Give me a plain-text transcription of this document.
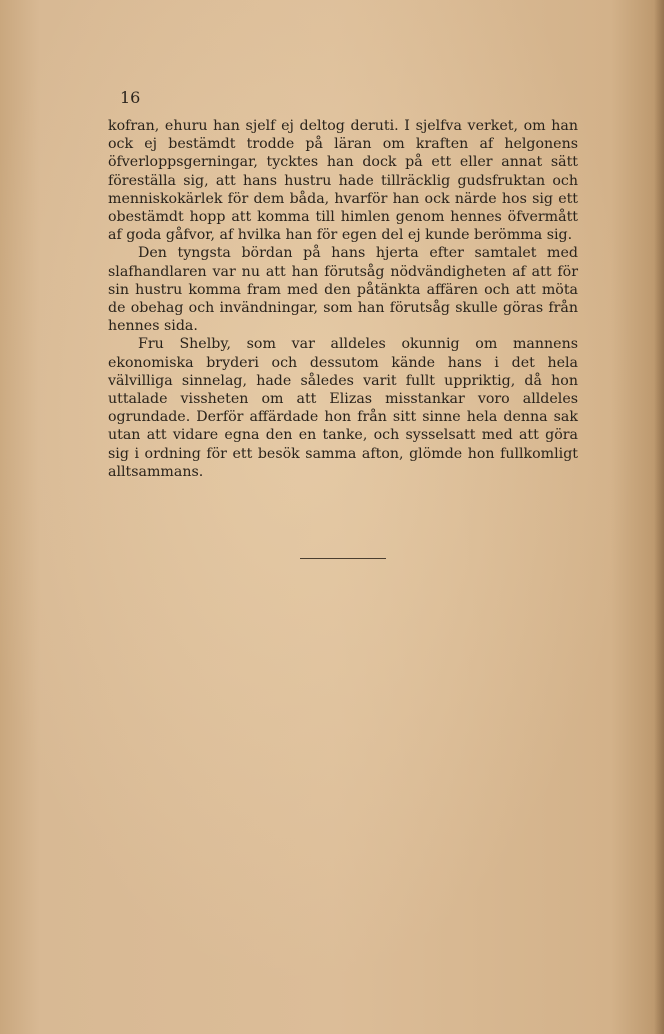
16

kofran, ehuru han sjelf ej deltog deruti. I sjelfva verket, om han ock ej bestämdt trodde på läran om kraften af helgonens öfverloppsgerningar, tycktes han dock på ett eller annat sätt föreställa sig, att hans hustru hade tillräcklig gudsfruktan och menniskokärlek för dem båda, hvarför han ock närde hos sig ett obestämdt hopp att komma till himlen genom hennes öfvermått af goda gåfvor, af hvilka han för egen del ej kunde berömma sig.

Den tyngsta bördan på hans hjerta efter samtalet med slafhandlaren var nu att han förutsåg nödvändigheten af att för sin hustru komma fram med den påtänkta affären och att möta de obehag och invändningar, som han förutsåg skulle göras från hennes sida.

Fru Shelby, som var alldeles okunnig om mannens ekonomiska bryderi och dessutom kände hans i det hela välvilliga sinnelag, hade således varit fullt uppriktig, då hon uttalade vissheten om att Elizas misstankar voro alldeles ogrundade. Derför affärdade hon från sitt sinne hela denna sak utan att vidare egna den en tanke, och sysselsatt med att göra sig i ordning för ett besök samma afton, glömde hon fullkomligt alltsammans.
